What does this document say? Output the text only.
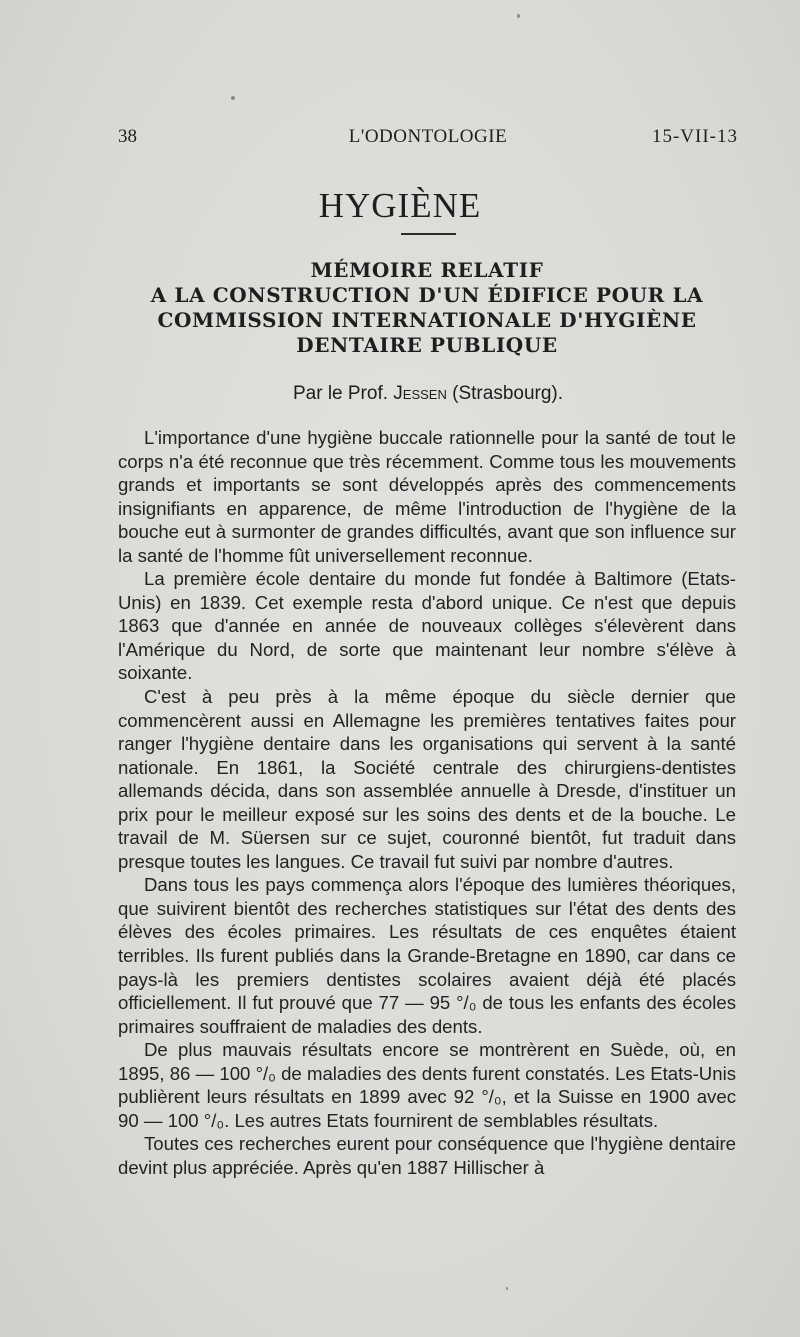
38	L'ODONTOLOGIE	15-VII-13
HYGIÈNE
MÉMOIRE RELATIF
A LA CONSTRUCTION D'UN ÉDIFICE POUR LA
COMMISSION INTERNATIONALE D'HYGIÈNE
DENTAIRE PUBLIQUE
Par le Prof. Jessen (Strasbourg).

L'importance d'une hygiène buccale rationnelle pour la santé de tout le corps n'a été reconnue que très récemment. Comme tous les mouvements grands et importants se sont développés après des commencements insignifiants en apparence, de même l'introduction de l'hygiène de la bouche eut à surmonter de grandes difficultés, avant que son influence sur la santé de l'homme fût universellement reconnue.

La première école dentaire du monde fut fondée à Baltimore (Etats-Unis) en 1839. Cet exemple resta d'abord unique. Ce n'est que depuis 1863 que d'année en année de nouveaux collèges s'élevèrent dans l'Amérique du Nord, de sorte que maintenant leur nombre s'élève à soixante.

C'est à peu près à la même époque du siècle dernier que commencèrent aussi en Allemagne les premières tentatives faites pour ranger l'hygiène dentaire dans les organisations qui servent à la santé nationale. En 1861, la Société centrale des chirurgiens-dentistes allemands décida, dans son assemblée annuelle à Dresde, d'instituer un prix pour le meilleur exposé sur les soins des dents et de la bouche. Le travail de M. Süersen sur ce sujet, couronné bientôt, fut traduit dans presque toutes les langues. Ce travail fut suivi par nombre d'autres.

Dans tous les pays commença alors l'époque des lumières théoriques, que suivirent bientôt des recherches statistiques sur l'état des dents des élèves des écoles primaires. Les résultats de ces enquêtes étaient terribles. Ils furent publiés dans la Grande-Bretagne en 1890, car dans ce pays-là les premiers dentistes scolaires avaient déjà été placés officiellement. Il fut prouvé que 77 — 95 °/₀ de tous les enfants des écoles primaires souffraient de maladies des dents.

De plus mauvais résultats encore se montrèrent en Suède, où, en 1895, 86 — 100 °/₀ de maladies des dents furent constatés. Les Etats-Unis publièrent leurs résultats en 1899 avec 92 °/₀, et la Suisse en 1900 avec 90 — 100 °/₀. Les autres Etats fournirent de semblables résultats.

Toutes ces recherches eurent pour conséquence que l'hygiène dentaire devint plus appréciée. Après qu'en 1887 Hillischer à
